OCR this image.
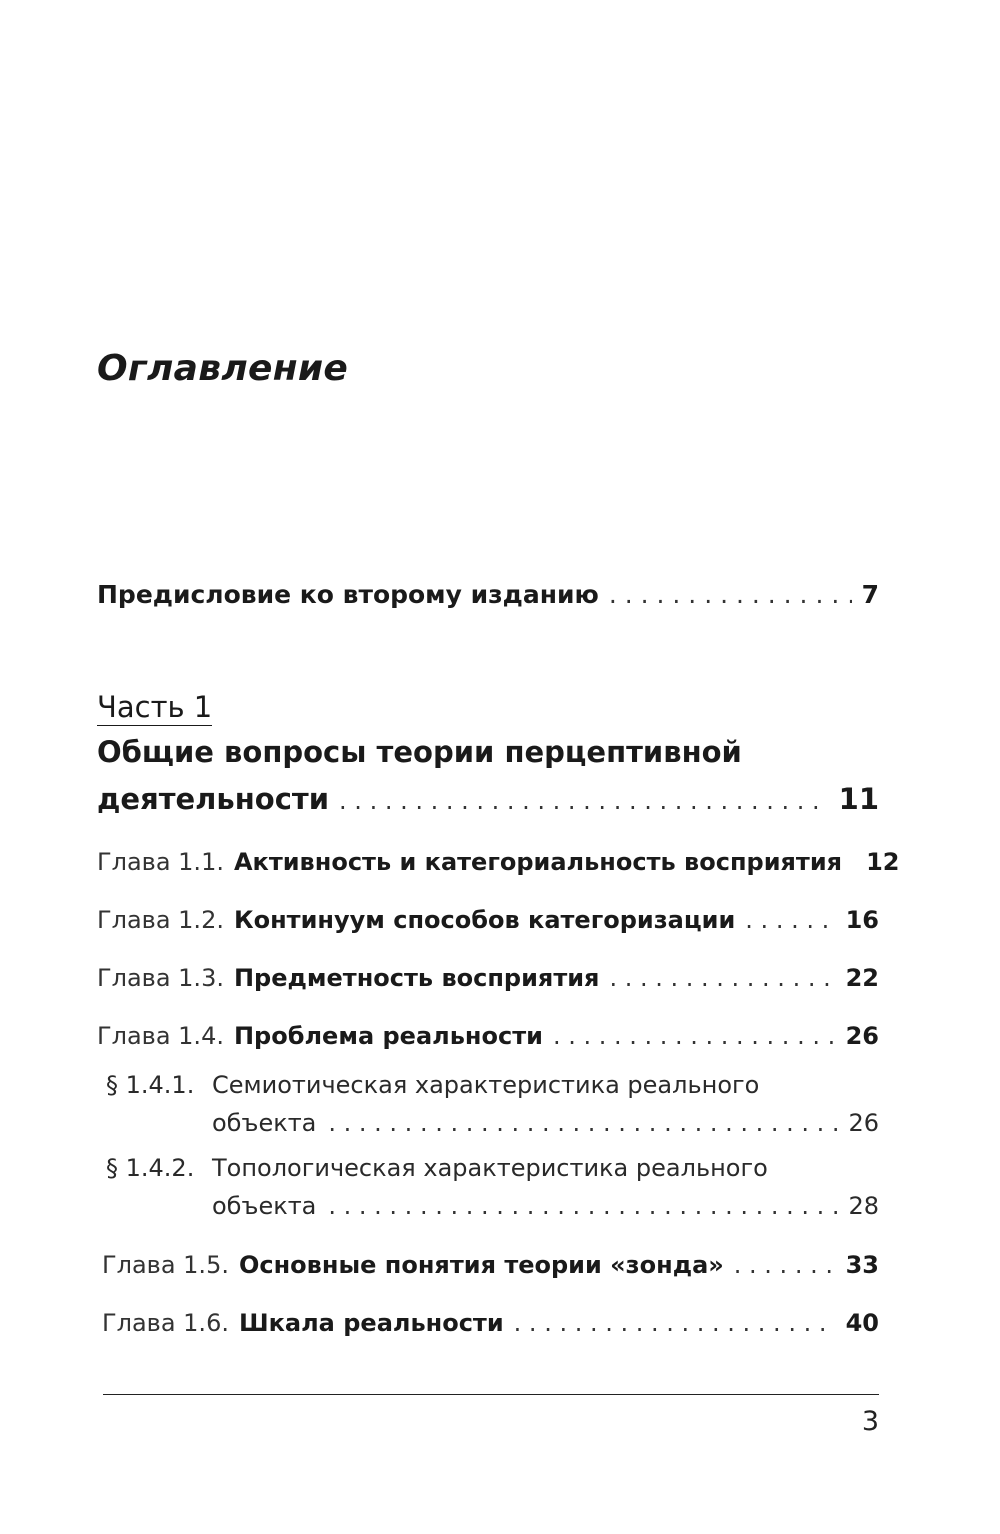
Оглавление
Предисловие ко второму изданию . . .	7
Часть 1
Общие вопросы теории перцептивной
деятельности . . .	11
Глава 1.1. Активность и категориальность восприятия 12
Глава 1.2. Континуум способов категоризации . . .	16
Глава 1.3. Предметность восприятия . . .	22
Глава 1.4. Проблема реальности . . .	26
§ 1.4.1. Семиотическая характеристика реального
объекта . . .	26
§ 1.4.2. Топологическая характеристика реального
объекта . . .	28
Глава 1.5. Основные понятия теории «зонда» . . .	33
Глава 1.6. Шкала реальности . . .	40
3
